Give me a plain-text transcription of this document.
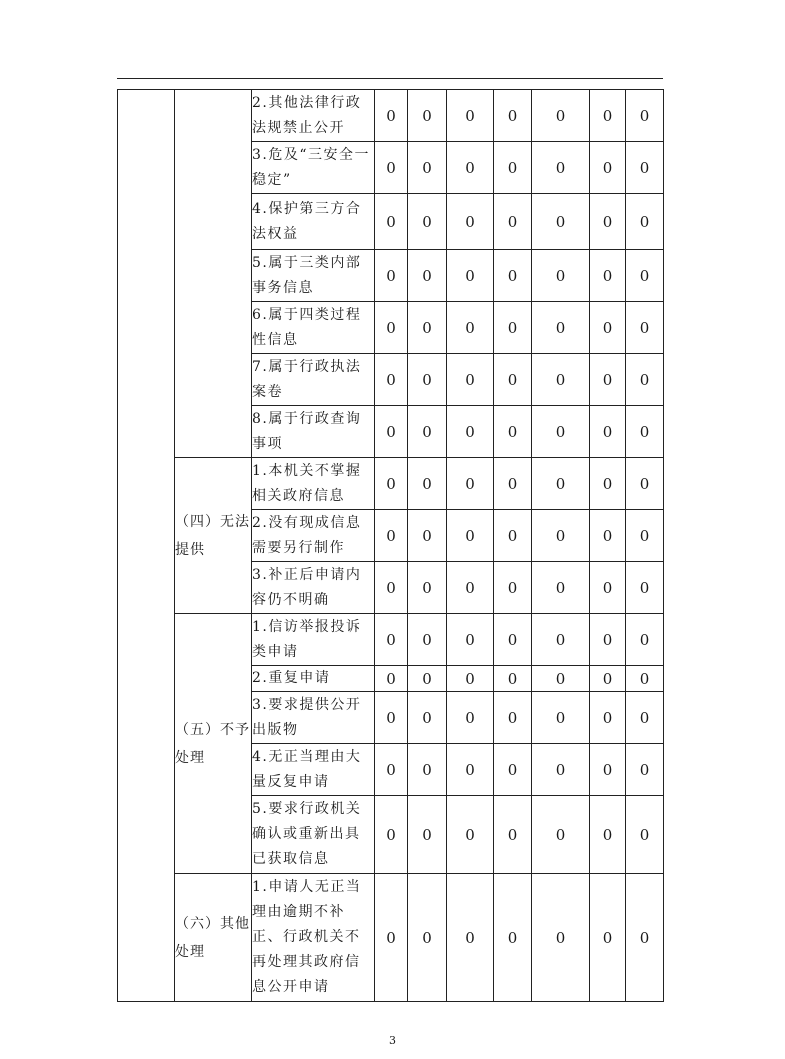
		2.其他法律行政法规禁止公开	0	0	0	0	0	0	0
		3.危及“三安全一稳定”	0	0	0	0	0	0	0
		4.保护第三方合法权益	0	0	0	0	0	0	0
		5.属于三类内部事务信息	0	0	0	0	0	0	0
		6.属于四类过程性信息	0	0	0	0	0	0	0
		7.属于行政执法案卷	0	0	0	0	0	0	0
		8.属于行政查询事项	0	0	0	0	0	0	0
	（四）无法提供	1.本机关不掌握相关政府信息	0	0	0	0	0	0	0
		2.没有现成信息需要另行制作	0	0	0	0	0	0	0
		3.补正后申请内容仍不明确	0	0	0	0	0	0	0
	（五）不予处理	1.信访举报投诉类申请	0	0	0	0	0	0	0
		2.重复申请	0	0	0	0	0	0	0
		3.要求提供公开出版物	0	0	0	0	0	0	0
		4.无正当理由大量反复申请	0	0	0	0	0	0	0
		5.要求行政机关确认或重新出具已获取信息	0	0	0	0	0	0	0
	（六）其他处理	1.申请人无正当理由逾期不补正、行政机关不再处理其政府信息公开申请	0	0	0	0	0	0	0
3
